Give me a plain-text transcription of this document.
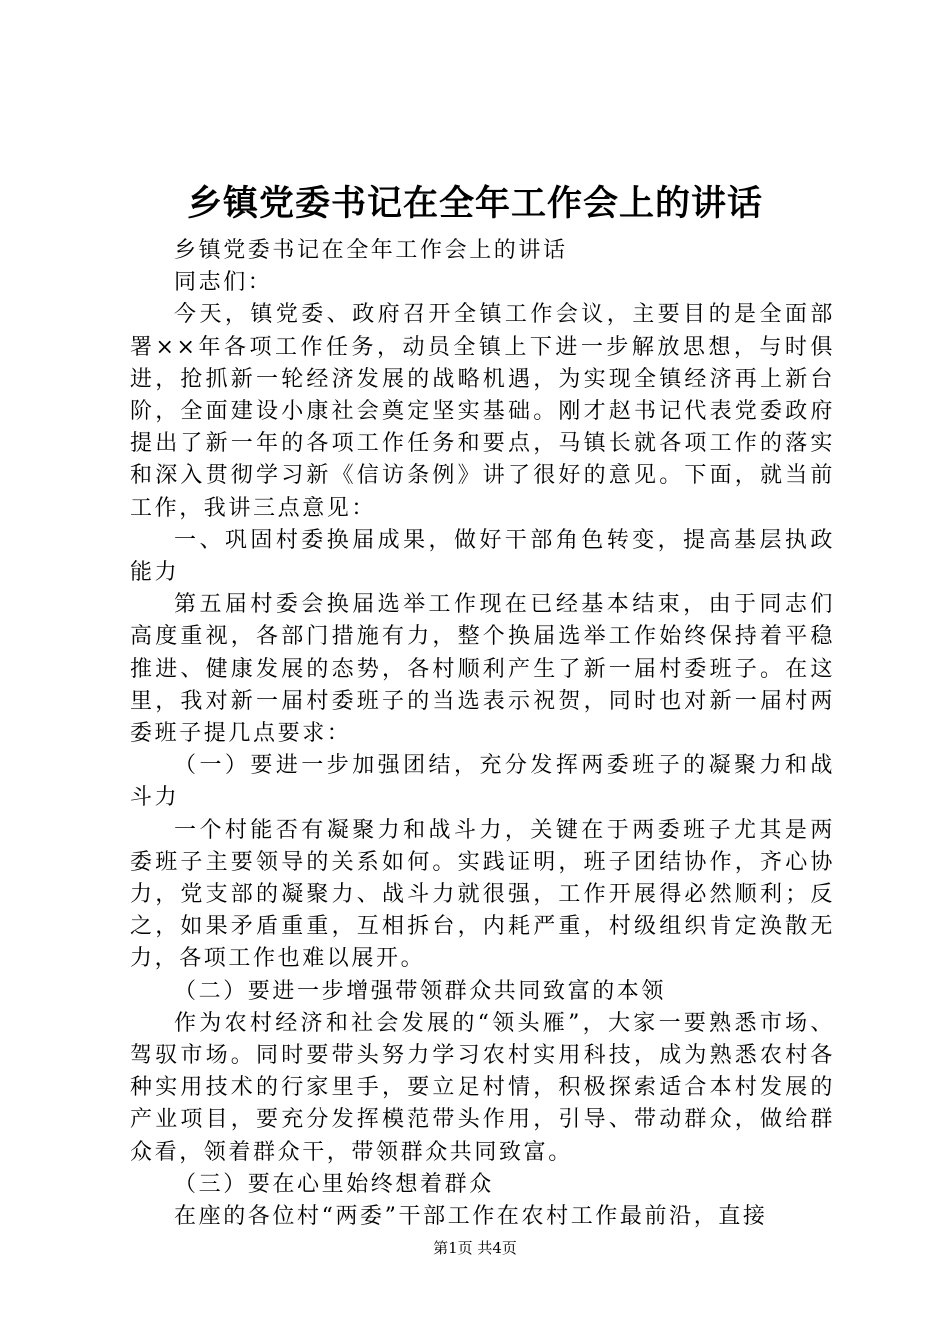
乡镇党委书记在全年工作会上的讲话

乡镇党委书记在全年工作会上的讲话

同志们：

今天，镇党委、政府召开全镇工作会议，主要目的是全面部署××年各项工作任务，动员全镇上下进一步解放思想，与时俱进，抢抓新一轮经济发展的战略机遇，为实现全镇经济再上新台阶，全面建设小康社会奠定坚实基础。刚才赵书记代表党委政府提出了新一年的各项工作任务和要点，马镇长就各项工作的落实和深入贯彻学习新《信访条例》讲了很好的意见。下面，就当前工作，我讲三点意见：

一、巩固村委换届成果，做好干部角色转变，提高基层执政能力

第五届村委会换届选举工作现在已经基本结束，由于同志们高度重视，各部门措施有力，整个换届选举工作始终保持着平稳推进、健康发展的态势，各村顺利产生了新一届村委班子。在这里，我对新一届村委班子的当选表示祝贺，同时也对新一届村两委班子提几点要求：

（一）要进一步加强团结，充分发挥两委班子的凝聚力和战斗力

一个村能否有凝聚力和战斗力，关键在于两委班子尤其是两委班子主要领导的关系如何。实践证明，班子团结协作，齐心协力，党支部的凝聚力、战斗力就很强，工作开展得必然顺利；反之，如果矛盾重重，互相拆台，内耗严重，村级组织肯定涣散无力，各项工作也难以展开。

（二）要进一步增强带领群众共同致富的本领

作为农村经济和社会发展的“领头雁”，大家一要熟悉市场、驾驭市场。同时要带头努力学习农村实用科技，成为熟悉农村各种实用技术的行家里手，要立足村情，积极探索适合本村发展的产业项目，要充分发挥模范带头作用，引导、带动群众，做给群众看，领着群众干，带领群众共同致富。

（三）要在心里始终想着群众

在座的各位村“两委”干部工作在农村工作最前沿，直接

第1页 共4页
